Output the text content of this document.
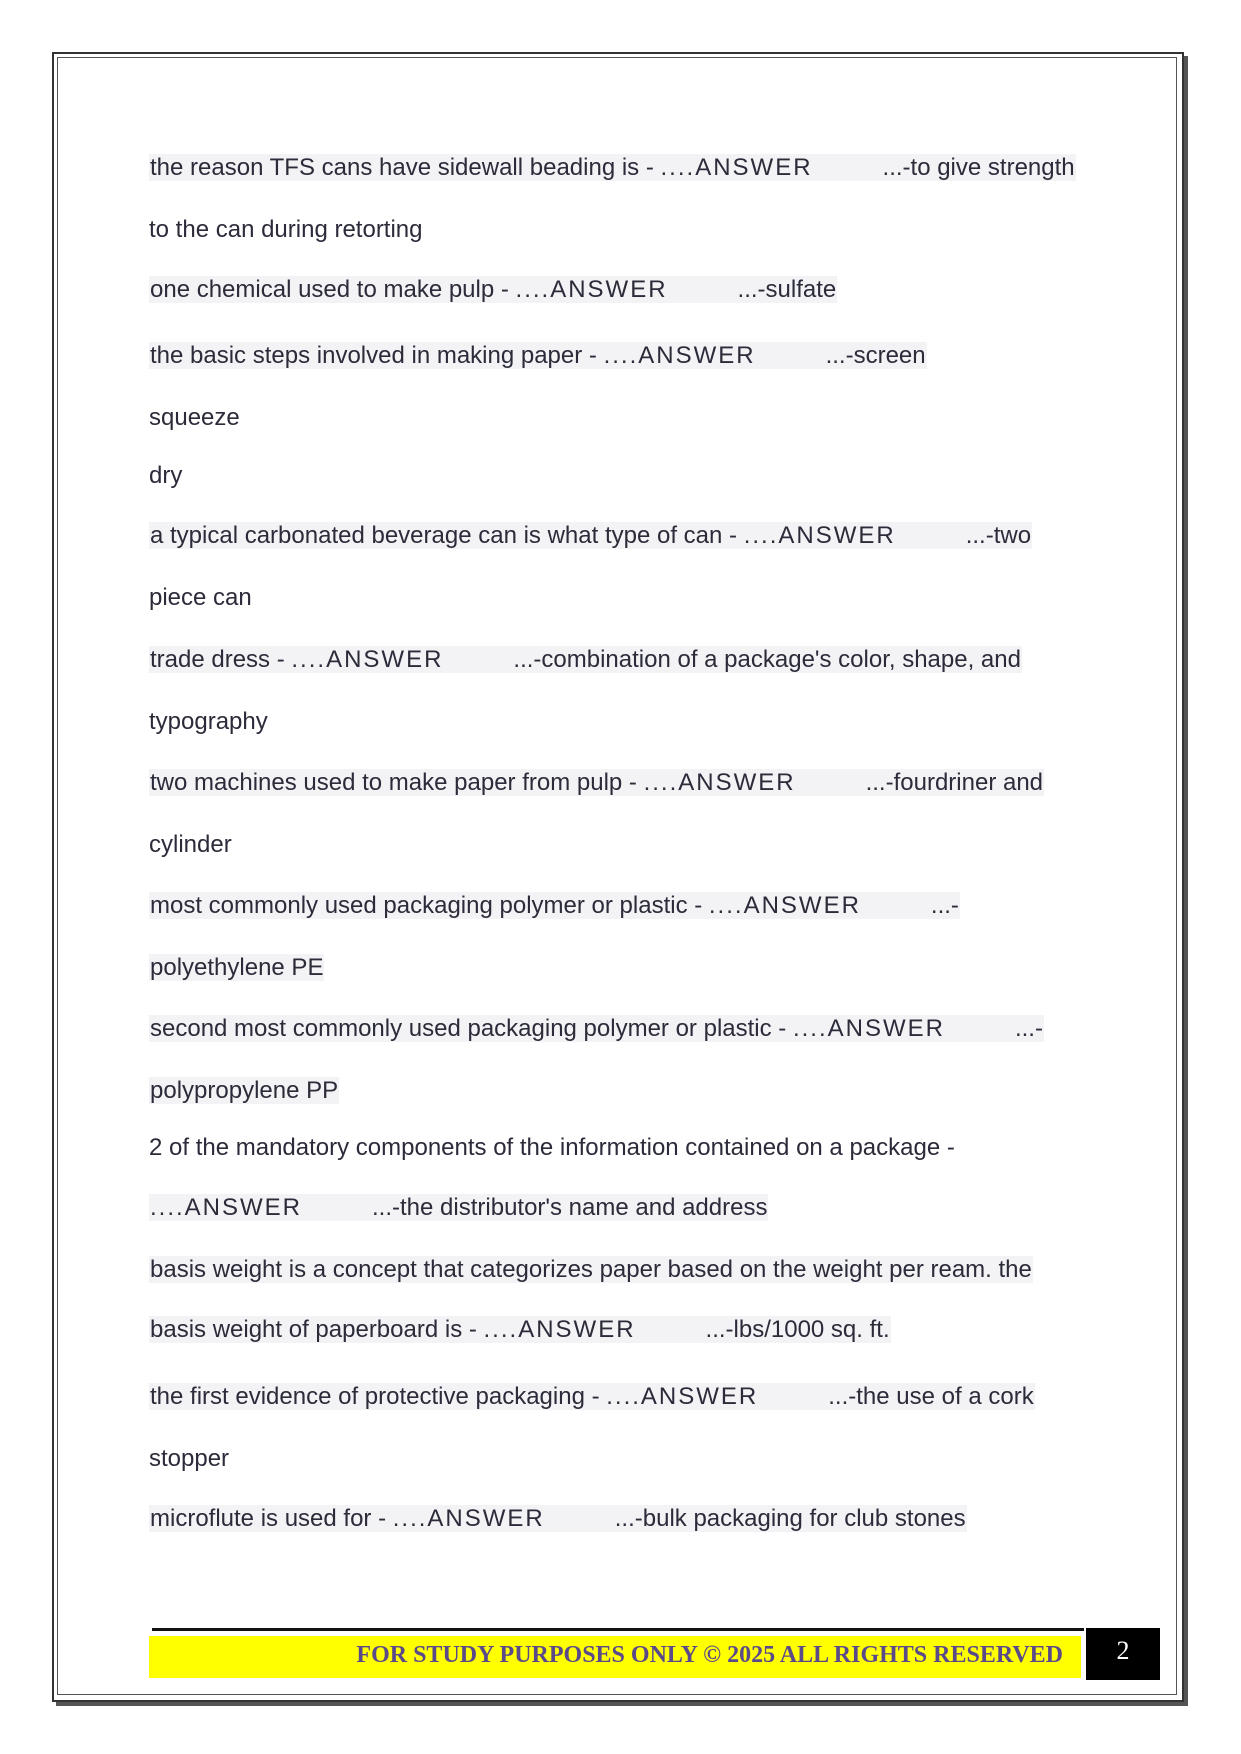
the reason TFS cans have sidewall beading is - ....ANSWER	...-to give strength
to the can during retorting
one chemical used to make pulp - ....ANSWER	...-sulfate
the basic steps involved in making paper - ....ANSWER	...-screen
squeeze
dry
a typical carbonated beverage can is what type of can - ....ANSWER	...-two
piece can
trade dress - ....ANSWER	...-combination of a package's color, shape, and
typography
two machines used to make paper from pulp - ....ANSWER	...-fourdriner and
cylinder
most commonly used packaging polymer or plastic - ....ANSWER	...-
polyethylene PE
second most commonly used packaging polymer or plastic - ....ANSWER	...-
polypropylene PP
2 of the mandatory components of the information contained on a package -
....ANSWER	...-the distributor's name and address
basis weight is a concept that categorizes paper based on the weight per ream. the
basis weight of paperboard is - ....ANSWER	...-lbs/1000 sq. ft.
the first evidence of protective packaging - ....ANSWER	...-the use of a cork
stopper
microflute is used for - ....ANSWER	...-bulk packaging for club stones
FOR STUDY PURPOSES ONLY © 2025 ALL RIGHTS RESERVED	2
